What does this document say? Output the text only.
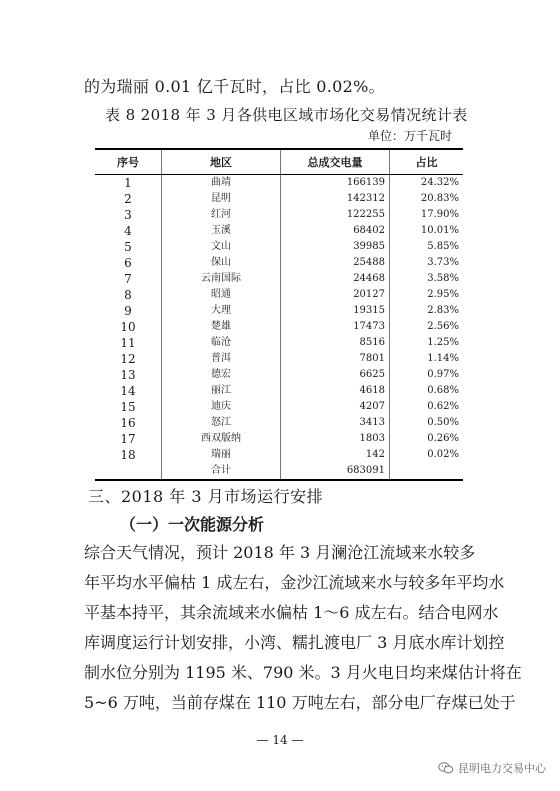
的为瑞丽 0.01 亿千瓦时，占比 0.02%。
表 8 2018 年 3 月各供电区域市场化交易情况统计表
单位：万千瓦时
序号	地区	总成交电量	占比
1	曲靖	166139	24.32%
2	昆明	142312	20.83%
3	红河	122255	17.90%
4	玉溪	68402	10.01%
5	文山	39985	5.85%
6	保山	25488	3.73%
7	云南国际	24468	3.58%
8	昭通	20127	2.95%
9	大理	19315	2.83%
10	楚雄	17473	2.56%
11	临沧	8516	1.25%
12	普洱	7801	1.14%
13	德宏	6625	0.97%
14	丽江	4618	0.68%
15	迪庆	4207	0.62%
16	怒江	3413	0.50%
17	西双版纳	1803	0.26%
18	瑞丽	142	0.02%
	合计	683091	
三、2018 年 3 月市场运行安排
（一）一次能源分析
综合天气情况，预计 2018 年 3 月澜沧江流域来水较多
年平均水平偏枯 1 成左右，金沙江流域来水与较多年平均水
平基本持平，其余流域来水偏枯 1～6 成左右。结合电网水
库调度运行计划安排，小湾、糯扎渡电厂 3 月底水库计划控
制水位分别为 1195 米、790 米。3 月火电日均来煤估计将在
5~6 万吨，当前存煤在 110 万吨左右，部分电厂存煤已处于
— 14 —
昆明电力交易中心
